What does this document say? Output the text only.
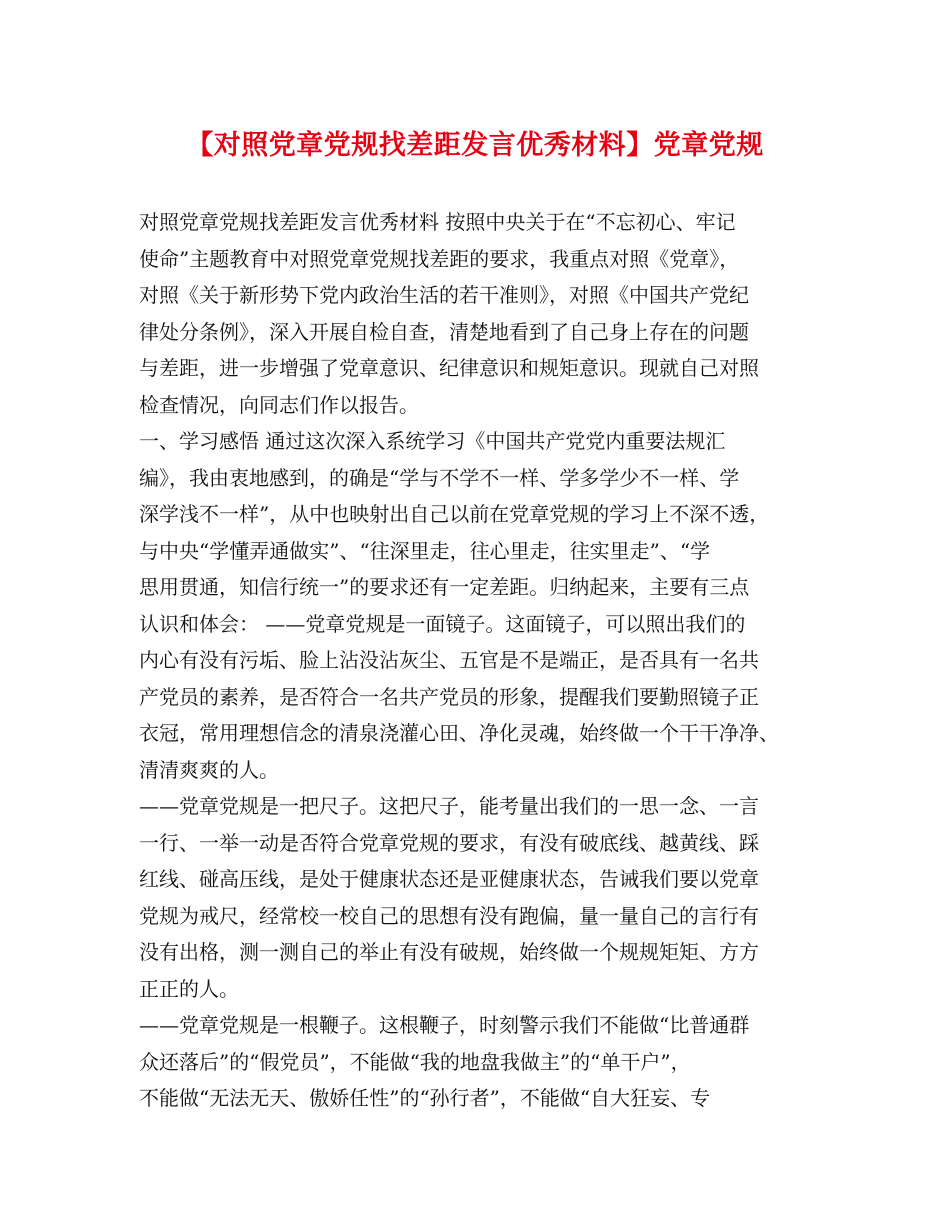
【对照党章党规找差距发言优秀材料】党章党规

对照党章党规找差距发言优秀材料 按照中央关于在“不忘初心、牢记

使命”主题教育中对照党章党规找差距的要求，我重点对照《党章》，

对照《关于新形势下党内政治生活的若干准则》，对照《中国共产党纪

律处分条例》，深入开展自检自查，清楚地看到了自己身上存在的问题

与差距，进一步增强了党章意识、纪律意识和规矩意识。现就自己对照

检查情况，向同志们作以报告。

一、学习感悟 通过这次深入系统学习《中国共产党党内重要法规汇

编》，我由衷地感到，的确是“学与不学不一样、学多学少不一样、学

深学浅不一样”，从中也映射出自己以前在党章党规的学习上不深不透，

与中央“学懂弄通做实”、“往深里走，往心里走，往实里走”、“学

思用贯通，知信行统一”的要求还有一定差距。归纳起来，主要有三点

认识和体会： ——党章党规是一面镜子。这面镜子，可以照出我们的

内心有没有污垢、脸上沾没沾灰尘、五官是不是端正，是否具有一名共

产党员的素养，是否符合一名共产党员的形象，提醒我们要勤照镜子正

衣冠，常用理想信念的清泉浇灌心田、净化灵魂，始终做一个干干净净、

清清爽爽的人。

——党章党规是一把尺子。这把尺子，能考量出我们的一思一念、一言

一行、一举一动是否符合党章党规的要求，有没有破底线、越黄线、踩

红线、碰高压线，是处于健康状态还是亚健康状态，告诫我们要以党章

党规为戒尺，经常校一校自己的思想有没有跑偏，量一量自己的言行有

没有出格，测一测自己的举止有没有破规，始终做一个规规矩矩、方方

正正的人。

——党章党规是一根鞭子。这根鞭子，时刻警示我们不能做“比普通群

众还落后”的“假党员”，不能做“我的地盘我做主”的“单干户”，

不能做“无法无天、傲娇任性”的“孙行者”，不能做“自大狂妄、专
